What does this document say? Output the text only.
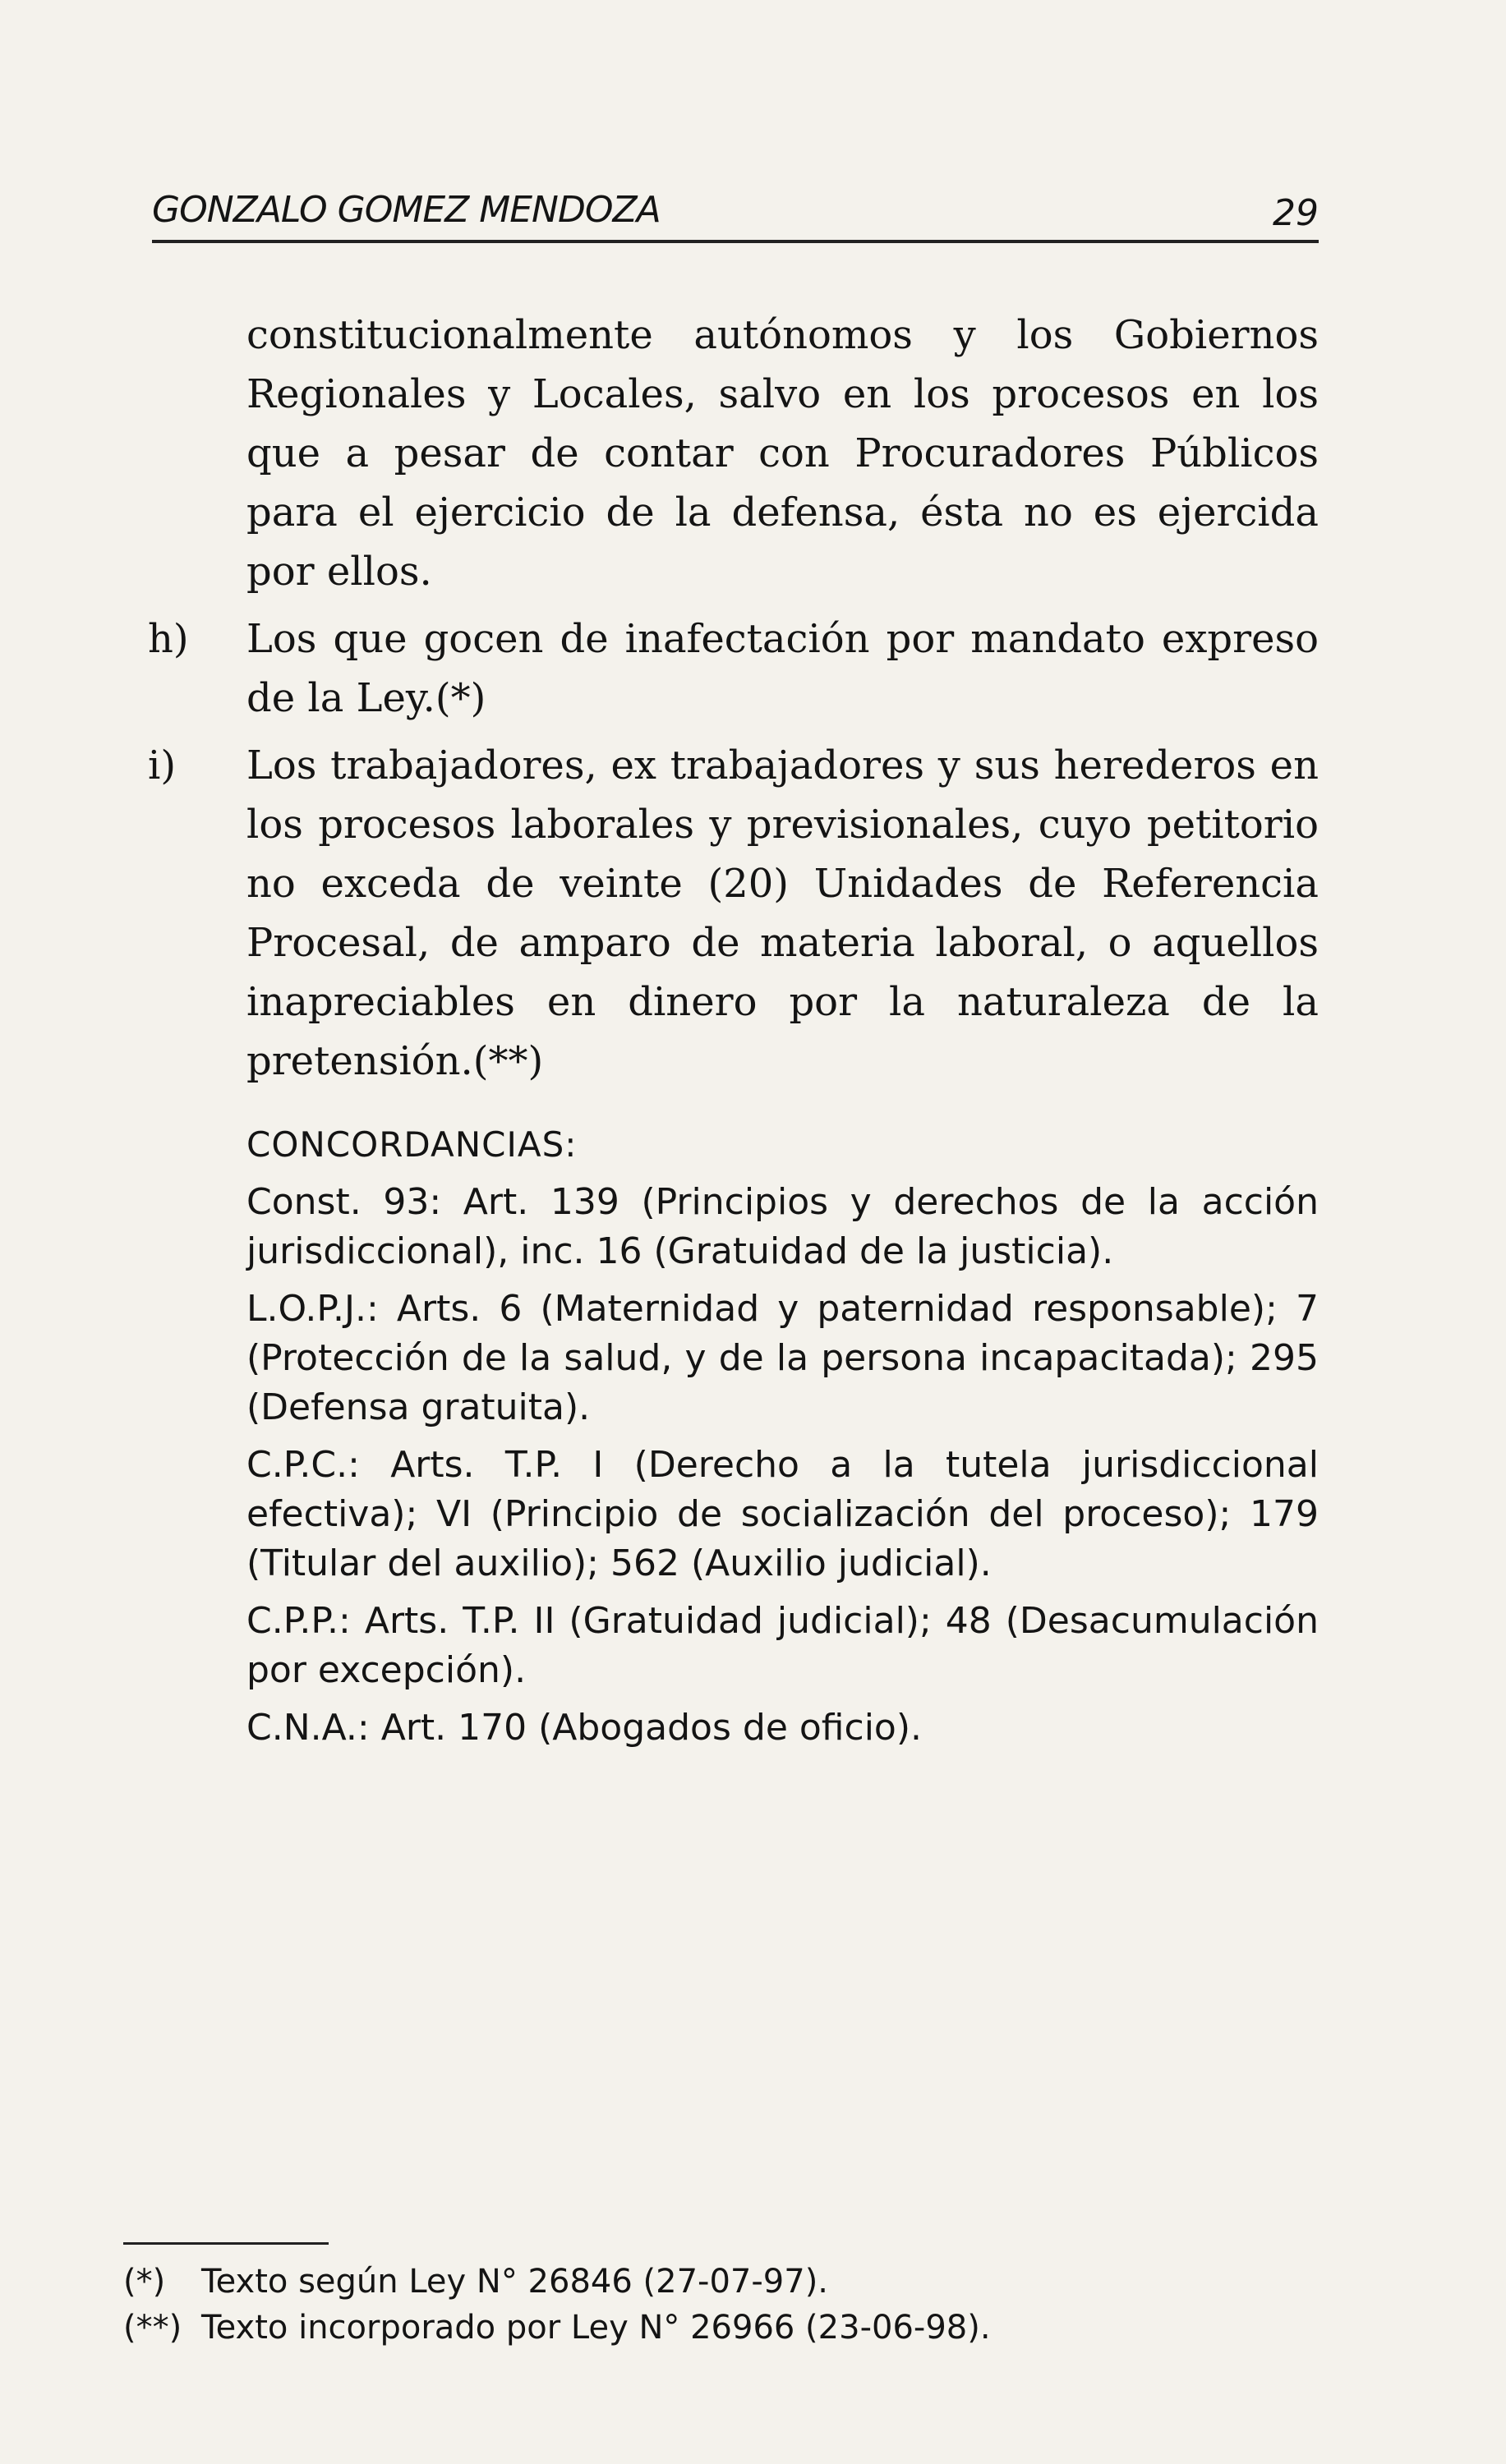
GONZALO GOMEZ MENDOZA	29

constitucionalmente autónomos y los Gobiernos Regionales y Locales, salvo en los procesos en los que a pesar de contar con Procuradores Públicos para el ejercicio de la defensa, ésta no es ejercida por ellos.

h) Los que gocen de inafectación por mandato expreso de la Ley.(*)

i) Los trabajadores, ex trabajadores y sus herederos en los procesos laborales y previsionales, cuyo petitorio no exceda de veinte (20) Unidades de Referencia Procesal, de amparo de materia laboral, o aquellos inapreciables en dinero por la naturaleza de la pretensión.(**)

CONCORDANCIAS:

Const. 93: Art. 139 (Principios y derechos de la acción jurisdiccional), inc. 16 (Gratuidad de la justicia).

L.O.P.J.: Arts. 6 (Maternidad y paternidad responsable); 7 (Protección de la salud, y de la persona incapacitada); 295 (Defensa gratuita).

C.P.C.: Arts. T.P. I (Derecho a la tutela jurisdiccional efectiva); VI (Principio de socialización del proceso); 179 (Titular del auxilio); 562 (Auxilio judicial).

C.P.P.: Arts. T.P. II (Gratuidad judicial); 48 (Desacumulación por excepción).

C.N.A.: Art. 170 (Abogados de oficio).

(*) Texto según Ley N° 26846 (27-07-97).

(**) Texto incorporado por Ley N° 26966 (23-06-98).
